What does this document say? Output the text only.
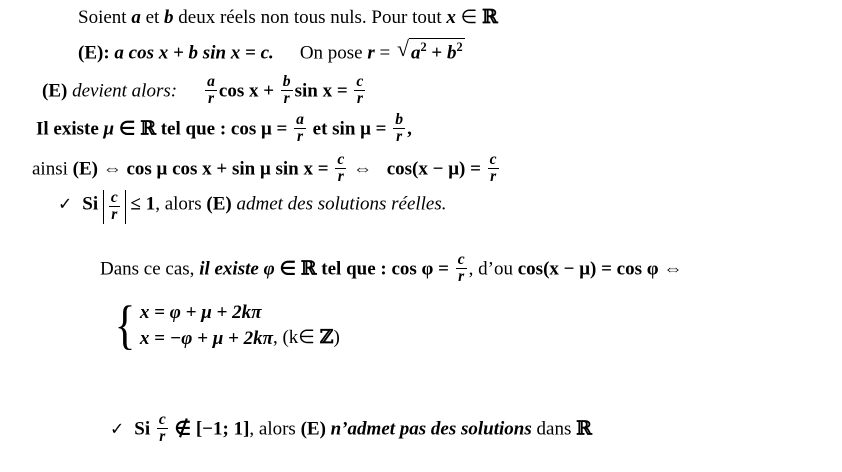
Soient a et b deux réels non tous nuls. Pour tout x ∈ ℝ
(E): a cos x + b sin x = c. On pose r = √ $a^2 + b^2$
(E) devient alors: $\frac{a}{r}$ $\cos x + \frac{b}{r}$ $\sin x = \frac{c}{r}$
Il existe μ ∈ ℝ tel que : $\cos \mu = \frac{a}{r}$ et $\sin \mu = \frac{b}{r}$ ,
ainsi (E) ⇔ cos μ cos x + sin μ $\sin x = \frac{c}{r}$ ⇔ $\cos(x - \mu) = \frac{c}{r}$
✓ Si $\frac{c}{r} \le 1$, alors (E) admet des solutions réelles.
Dans ce cas, il existe φ ∈ ℝ tel que : $\cos \varphi = \frac{c}{r}$ , d’ou cos(x − μ) = cos φ ⇔
{ x = φ + μ + 2kπ
x = −φ + μ + 2kπ , (k∈ ℤ)
✓ Si $\frac{c}{r}$ ∉ [−1; 1], alors (E) n’admet pas des solutions dans ℝ
